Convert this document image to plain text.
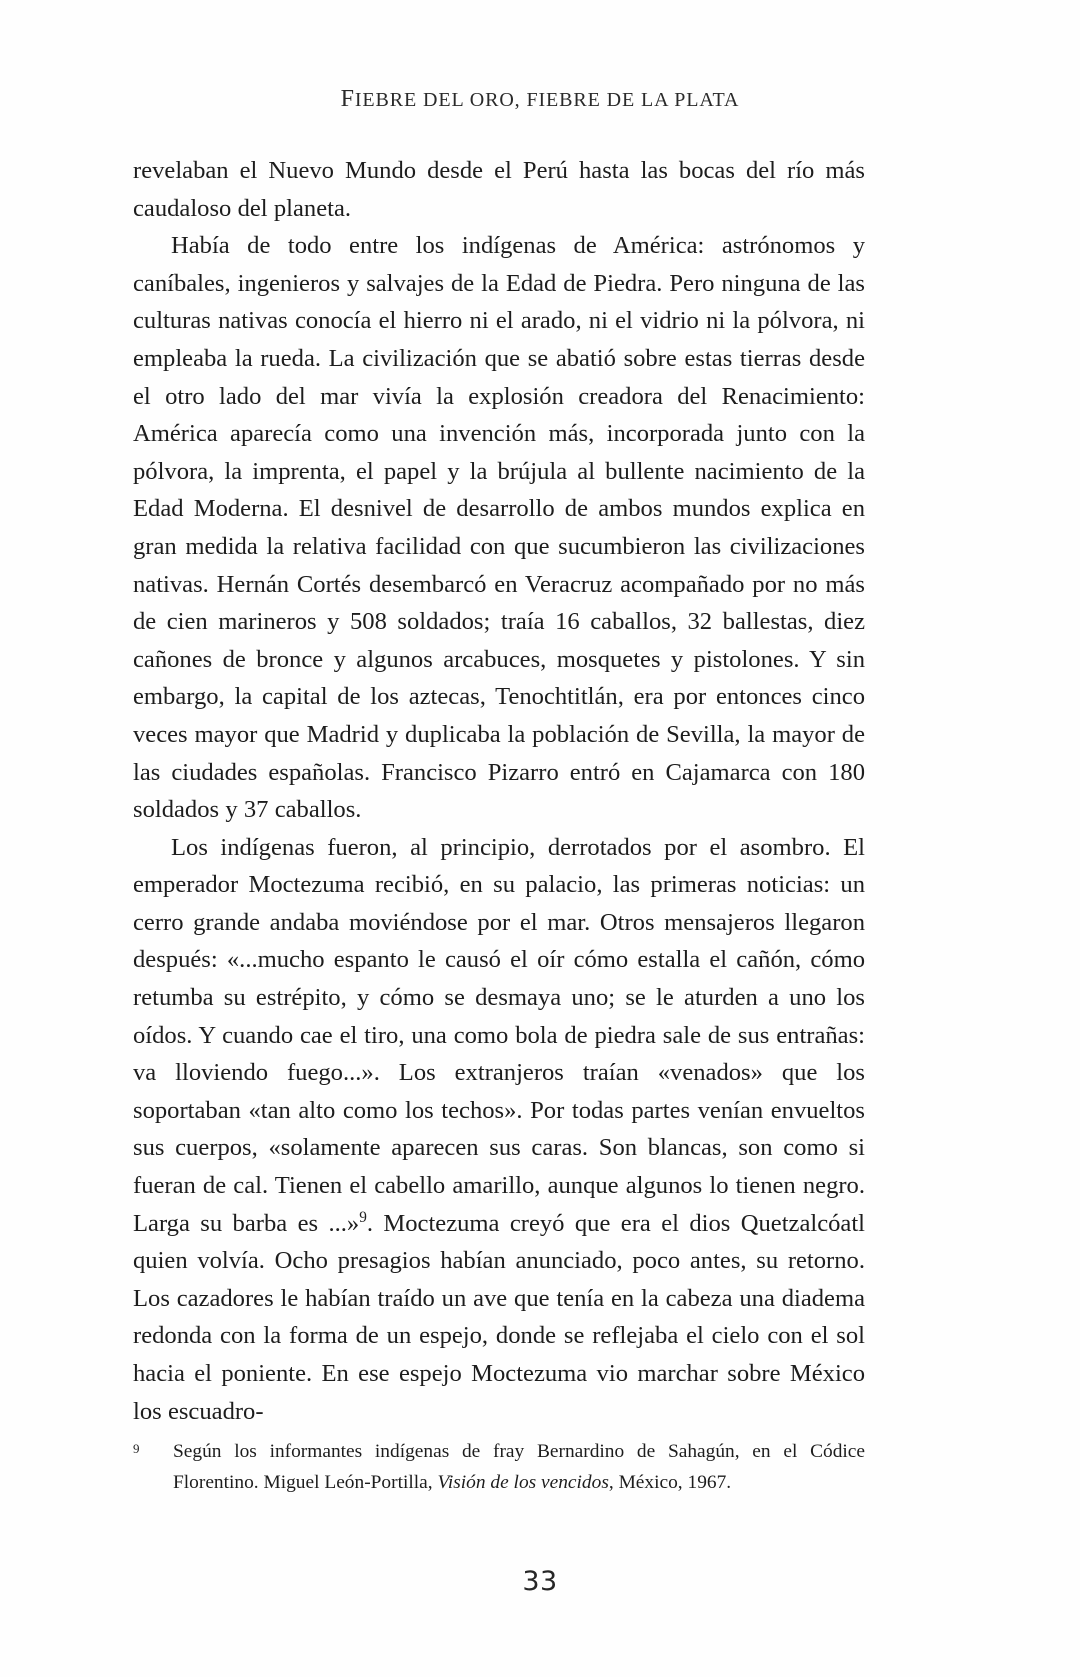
FIEBRE DEL ORO, FIEBRE DE LA PLATA

revelaban el Nuevo Mundo desde el Perú hasta las bocas del río más caudaloso del planeta.

Había de todo entre los indígenas de América: astrónomos y caníbales, ingenieros y salvajes de la Edad de Piedra. Pero ninguna de las culturas nativas conocía el hierro ni el arado, ni el vidrio ni la pólvora, ni empleaba la rueda. La civilización que se abatió sobre estas tierras desde el otro lado del mar vivía la explosión creadora del Renacimiento: América aparecía como una invención más, incorporada junto con la pólvora, la imprenta, el papel y la brújula al bullente nacimiento de la Edad Moderna. El desnivel de desarrollo de ambos mundos explica en gran medida la relativa facilidad con que sucumbieron las civilizaciones nativas. Hernán Cortés desembarcó en Veracruz acompañado por no más de cien marineros y 508 soldados; traía 16 caballos, 32 ballestas, diez cañones de bronce y algunos arcabuces, mosquetes y pistolones. Y sin embargo, la capital de los aztecas, Tenochtitlán, era por entonces cinco veces mayor que Madrid y duplicaba la población de Sevilla, la mayor de las ciudades españolas. Francisco Pizarro entró en Cajamarca con 180 soldados y 37 caballos.

Los indígenas fueron, al principio, derrotados por el asombro. El emperador Moctezuma recibió, en su palacio, las primeras noticias: un cerro grande andaba moviéndose por el mar. Otros mensajeros llegaron después: «...mucho espanto le causó el oír cómo estalla el cañón, cómo retumba su estrépito, y cómo se desmaya uno; se le aturden a uno los oídos. Y cuando cae el tiro, una como bola de piedra sale de sus entrañas: va lloviendo fuego...». Los extranjeros traían «venados» que los soportaban «tan alto como los techos». Por todas partes venían envueltos sus cuerpos, «solamente aparecen sus caras. Son blancas, son como si fueran de cal. Tienen el cabello amarillo, aunque algunos lo tienen negro. Larga su barba es ...»$^9$. Moctezuma creyó que era el dios Quetzalcóatl quien volvía. Ocho presagios habían anunciado, poco antes, su retorno. Los cazadores le habían traído un ave que tenía en la cabeza una diadema redonda con la forma de un espejo, donde se reflejaba el cielo con el sol hacia el poniente. En ese espejo Moctezuma vio marchar sobre México los escuadro-

9	Según los informantes indígenas de fray Bernardino de Sahagún, en el Códice Florentino. Miguel León-Portilla, Visión de los vencidos, México, 1967.
33
